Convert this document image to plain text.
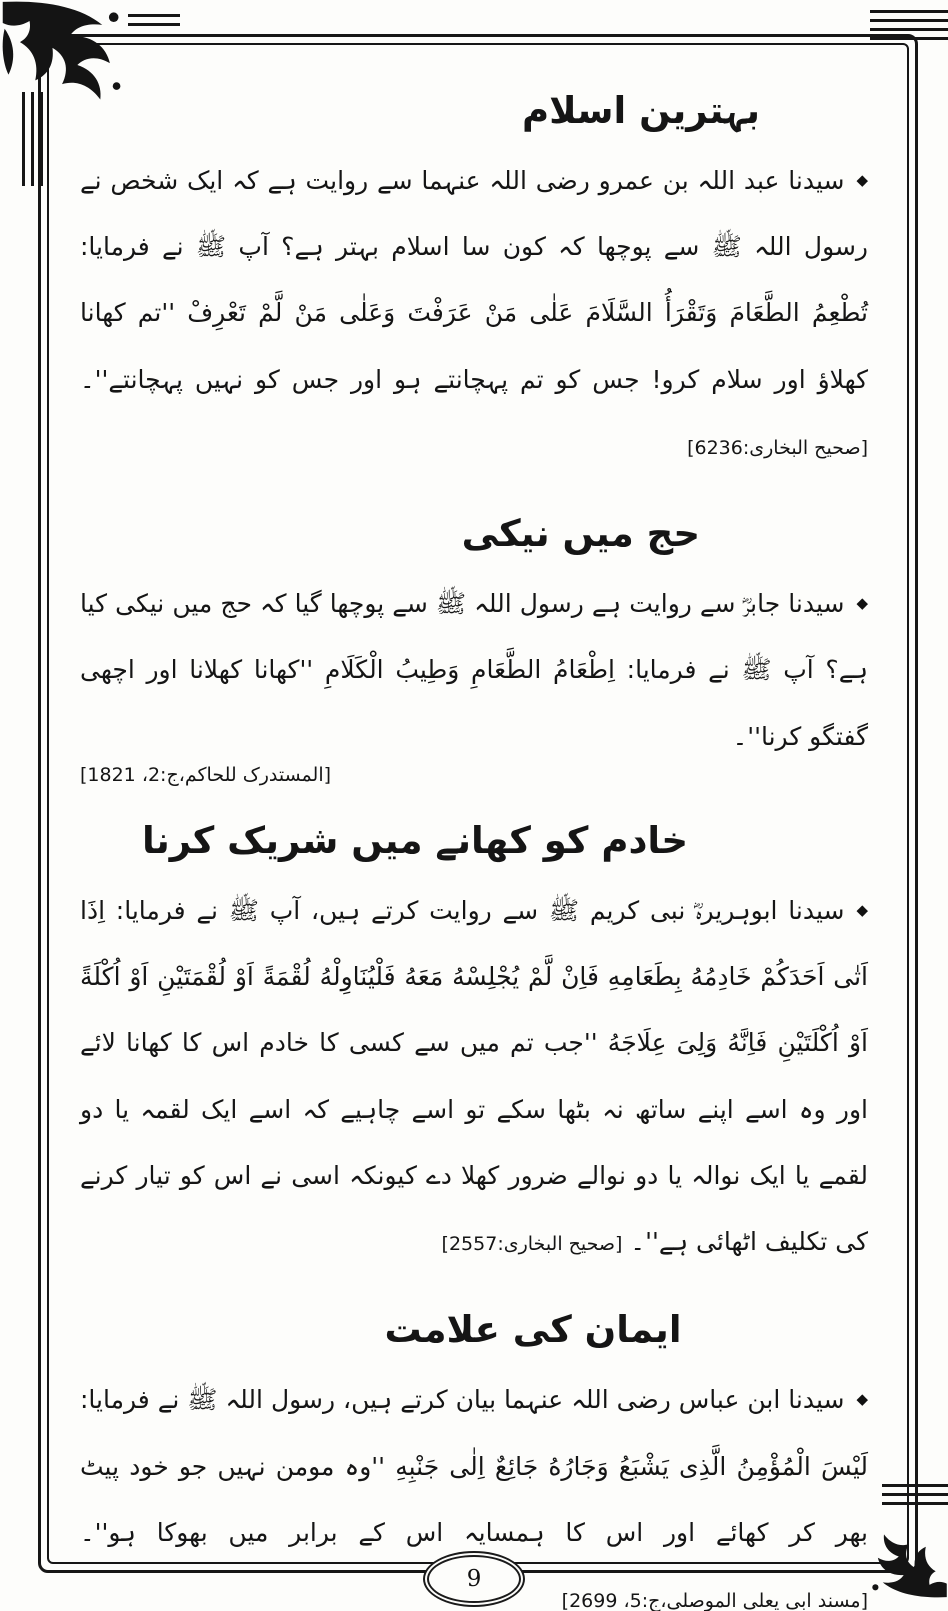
بہترین اسلام

◆سیدنا عبد اللہ بن عمرو رضی اللہ عنہما سے روایت ہے کہ ایک شخص نے رسول اللہ ﷺ سے پوچھا کہ کون سا اسلام بہتر ہے؟ آپ ﷺ نے فرمایا: تُطْعِمُ الطَّعَامَ وَتَقْرَأُ السَّلَامَ عَلٰی مَنْ عَرَفْتَ وَعَلٰی مَنْ لَّمْ تَعْرِفْ ''تم کھانا کھلاؤ اور سلام کرو! جس کو تم پہچانتے ہو اور جس کو نہیں پہچانتے''۔ [صحیح البخاری:6236]

حج میں نیکی

◆سیدنا جابرؓ سے روایت ہے رسول اللہ ﷺ سے پوچھا گیا کہ حج میں نیکی کیا ہے؟ آپ ﷺ نے فرمایا: اِطْعَامُ الطَّعَامِ وَطِیبُ الْکَلَامِ ''کھانا کھلانا اور اچھی گفتگو کرنا''۔

[المستدرک للحاکم،ج:2، 1821]
خادم کو کھانے میں شریک کرنا

◆سیدنا ابوہریرہؓ نبی کریم ﷺ سے روایت کرتے ہیں، آپ ﷺ نے فرمایا: اِذَا اَتٰی اَحَدَکُمْ خَادِمُهُ بِطَعَامِهِ فَاِنْ لَّمْ یُجْلِسْهُ مَعَهُ فَلْیُنَاوِلْهُ لُقْمَةً اَوْ لُقْمَتَیْنِ اَوْ اُکْلَةً اَوْ اُکْلَتَیْنِ فَاِنَّهُ وَلِیَ عِلَاجَهُ ''جب تم میں سے کسی کا خادم اس کا کھانا لائے اور وہ اسے اپنے ساتھ نہ بٹھا سکے تو اسے چاہیے کہ اسے ایک لقمہ یا دو لقمے یا ایک نوالہ یا دو نوالے ضرور کھلا دے کیونکہ اسی نے اس کو تیار کرنے کی تکلیف اٹھائی ہے''۔ [صحیح البخاری:2557]

ایمان کی علامت

◆سیدنا ابن عباس رضی اللہ عنہما بیان کرتے ہیں، رسول اللہ ﷺ نے فرمایا: لَیْسَ الْمُؤْمِنُ الَّذِی یَشْبَعُ وَجَارُهُ جَائِعٌ اِلٰی جَنْبِهِ ''وہ مومن نہیں جو خود پیٹ بھر کر کھائے اور اس کا ہمسایہ اس کے برابر میں بھوکا ہو''۔ [مسند ابی یعلی الموصلی،ج:5، 2699]

9
